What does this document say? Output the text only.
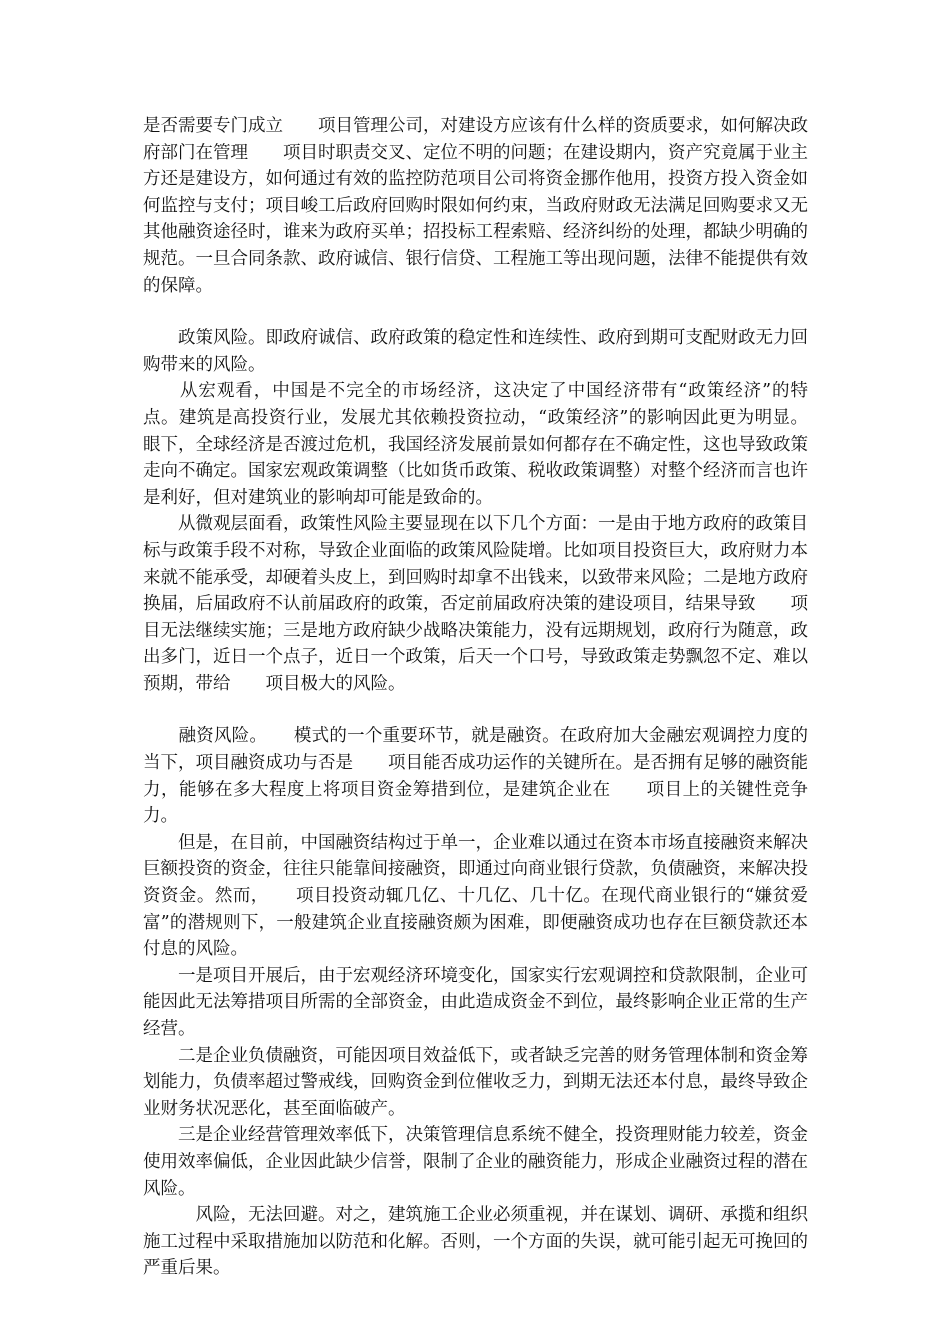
是否需要专门成立　　项目管理公司，对建设方应该有什么样的资质要求，如何解决政府部门在管理　　项目时职责交叉、定位不明的问题；在建设期内，资产究竟属于业主方还是建设方，如何通过有效的监控防范项目公司将资金挪作他用，投资方投入资金如何监控与支付；项目峻工后政府回购时限如何约束，当政府财政无法满足回购要求又无其他融资途径时，谁来为政府买单；招投标工程索赔、经济纠纷的处理，都缺少明确的规范。一旦合同条款、政府诚信、银行信贷、工程施工等出现问题，法律不能提供有效的保障。

　　政策风险。即政府诚信、政府政策的稳定性和连续性、政府到期可支配财政无力回购带来的风险。

　　从宏观看，中国是不完全的市场经济，这决定了中国经济带有“政策经济”的特点。建筑是高投资行业，发展尤其依赖投资拉动，“政策经济”的影响因此更为明显。眼下，全球经济是否渡过危机，我国经济发展前景如何都存在不确定性，这也导致政策走向不确定。国家宏观政策调整（比如货币政策、税收政策调整）对整个经济而言也许是利好，但对建筑业的影响却可能是致命的。

　　从微观层面看，政策性风险主要显现在以下几个方面：一是由于地方政府的政策目标与政策手段不对称，导致企业面临的政策风险陡增。比如项目投资巨大，政府财力本来就不能承受，却硬着头皮上，到回购时却拿不出钱来，以致带来风险；二是地方政府换届，后届政府不认前届政府的政策，否定前届政府决策的建设项目，结果导致　　项目无法继续实施；三是地方政府缺少战略决策能力，没有远期规划，政府行为随意，政出多门，近日一个点子，近日一个政策，后天一个口号，导致政策走势飘忽不定、难以预期，带给　　项目极大的风险。

　　融资风险。　　模式的一个重要环节，就是融资。在政府加大金融宏观调控力度的当下，项目融资成功与否是　　项目能否成功运作的关键所在。是否拥有足够的融资能力，能够在多大程度上将项目资金筹措到位，是建筑企业在　　项目上的关键性竞争力。

　　但是，在目前，中国融资结构过于单一，企业难以通过在资本市场直接融资来解决巨额投资的资金，往往只能靠间接融资，即通过向商业银行贷款，负债融资，来解决投资资金。然而，　　项目投资动辄几亿、十几亿、几十亿。在现代商业银行的“嫌贫爱富”的潜规则下，一般建筑企业直接融资颇为困难，即便融资成功也存在巨额贷款还本付息的风险。

　　一是项目开展后，由于宏观经济环境变化，国家实行宏观调控和贷款限制，企业可能因此无法筹措项目所需的全部资金，由此造成资金不到位，最终影响企业正常的生产经营。

　　二是企业负债融资，可能因项目效益低下，或者缺乏完善的财务管理体制和资金筹划能力，负债率超过警戒线，回购资金到位催收乏力，到期无法还本付息，最终导致企业财务状况恶化，甚至面临破产。

　　三是企业经营管理效率低下，决策管理信息系统不健全，投资理财能力较差，资金使用效率偏低，企业因此缺少信誉，限制了企业的融资能力，形成企业融资过程的潜在风险。

　　　风险，无法回避。对之，建筑施工企业必须重视，并在谋划、调研、承揽和组织施工过程中采取措施加以防范和化解。否则，一个方面的失误，就可能引起无可挽回的严重后果。
